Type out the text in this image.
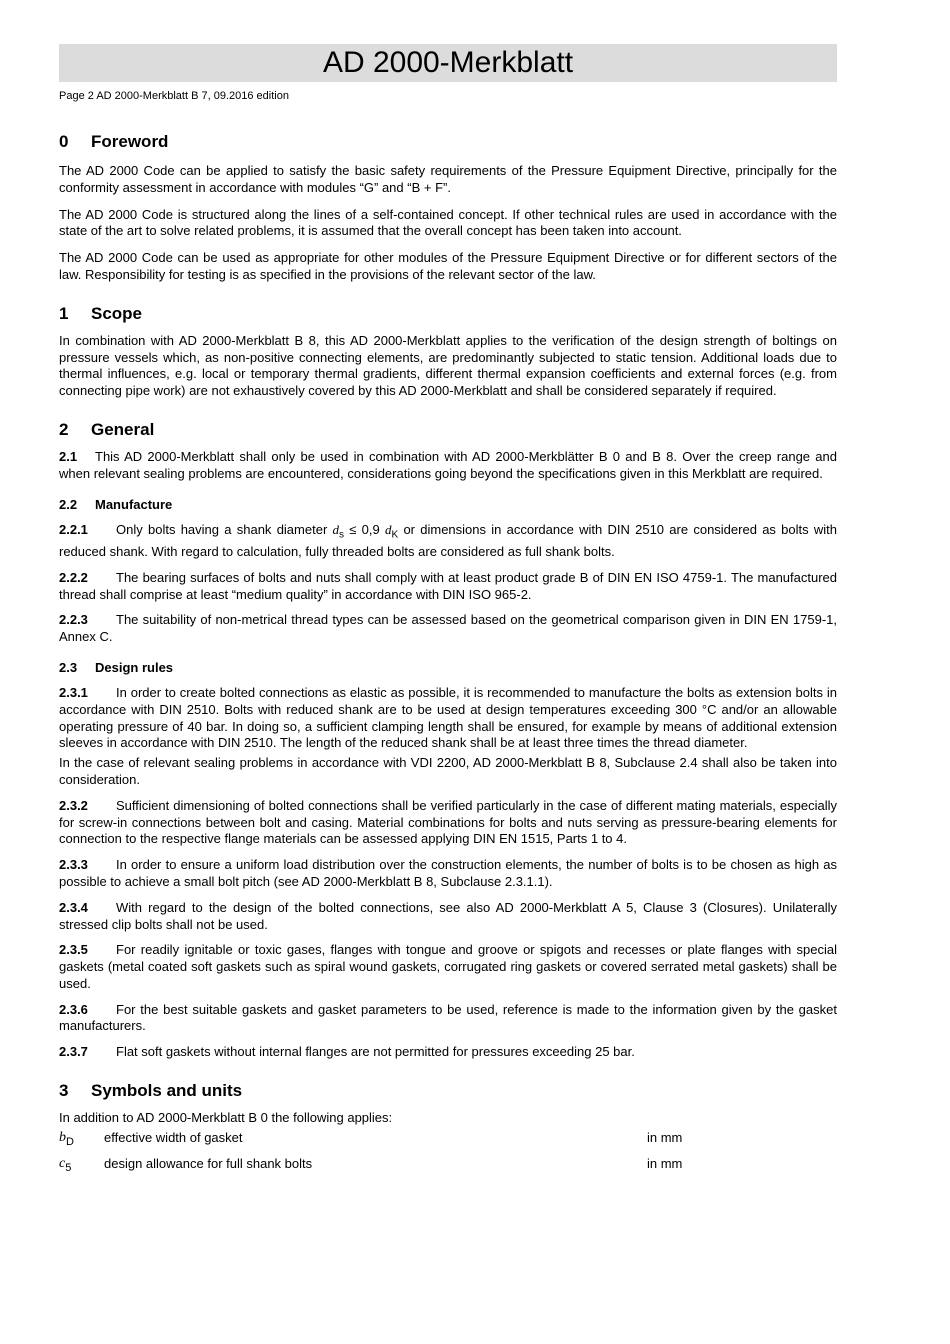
AD 2000-Merkblatt
Page 2 AD 2000-Merkblatt B 7, 09.2016 edition
0	Foreword

The AD 2000 Code can be applied to satisfy the basic safety requirements of the Pressure Equipment Directive, principally for the conformity assessment in accordance with modules “G” and “B + F”.

The AD 2000 Code is structured along the lines of a self-contained concept. If other technical rules are used in accordance with the state of the art to solve related problems, it is assumed that the overall concept has been taken into account.

The AD 2000 Code can be used as appropriate for other modules of the Pressure Equipment Directive or for different sectors of the law. Responsibility for testing is as specified in the provisions of the relevant sector of the law.

1	Scope

In combination with AD 2000-Merkblatt B 8, this AD 2000-Merkblatt applies to the verification of the design strength of boltings on pressure vessels which, as non-positive connecting elements, are predominantly subjected to static tension. Additional loads due to thermal influences, e.g. local or temporary thermal gradients, different thermal expansion coefficients and external forces (e.g. from connecting pipe work) are not exhaustively covered by this AD 2000-Merkblatt and shall be considered separately if required.

2	General

2.1 This AD 2000-Merkblatt shall only be used in combination with AD 2000-Merkblätter B 0 and B 8. Over the creep range and when relevant sealing problems are encountered, considerations going beyond the specifications given in this Merkblatt are required.

2.2	Manufacture

2.2.1 Only bolts having a shank diameter $d_s \le 0,9$ $d_K$ or dimensions in accordance with DIN 2510 are considered as bolts with reduced shank. With regard to calculation, fully threaded bolts are considered as full shank bolts.

2.2.2 The bearing surfaces of bolts and nuts shall comply with at least product grade B of DIN EN ISO 4759-1. The manufactured thread shall comprise at least “medium quality” in accordance with DIN ISO 965-2.

2.2.3 The suitability of non-metrical thread types can be assessed based on the geometrical comparison given in DIN EN 1759-1, Annex C.

2.3	Design rules

2.3.1 In order to create bolted connections as elastic as possible, it is recommended to manufacture the bolts as extension bolts in accordance with DIN 2510. Bolts with reduced shank are to be used at design temperatures exceeding 300 °C and/or an allowable operating pressure of 40 bar. In doing so, a sufficient clamping length shall be ensured, for example by means of additional extension sleeves in accordance with DIN 2510. The length of the reduced shank shall be at least three times the thread diameter.

In the case of relevant sealing problems in accordance with VDI 2200, AD 2000-Merkblatt B 8, Subclause 2.4 shall also be taken into consideration.

2.3.2 Sufficient dimensioning of bolted connections shall be verified particularly in the case of different mating materials, especially for screw-in connections between bolt and casing. Material combinations for bolts and nuts serving as pressure-bearing elements for connection to the respective flange materials can be assessed applying DIN EN 1515, Parts 1 to 4.

2.3.3 In order to ensure a uniform load distribution over the construction elements, the number of bolts is to be chosen as high as possible to achieve a small bolt pitch (see AD 2000-Merkblatt B 8, Subclause 2.3.1.1).

2.3.4 With regard to the design of the bolted connections, see also AD 2000-Merkblatt A 5, Clause 3 (Closures). Unilaterally stressed clip bolts shall not be used.

2.3.5 For readily ignitable or toxic gases, flanges with tongue and groove or spigots and recesses or plate flanges with special gaskets (metal coated soft gaskets such as spiral wound gaskets, corrugated ring gaskets or covered serrated metal gaskets) shall be used.

2.3.6 For the best suitable gaskets and gasket parameters to be used, reference is made to the information given by the gasket manufacturers.

2.3.7 Flat soft gaskets without internal flanges are not permitted for pressures exceeding 25 bar.

3	Symbols and units

In addition to AD 2000-Merkblatt B 0 the following applies:

$b_D$	effective width of gasket	in mm
$c_5$	design allowance for full shank bolts	in mm
